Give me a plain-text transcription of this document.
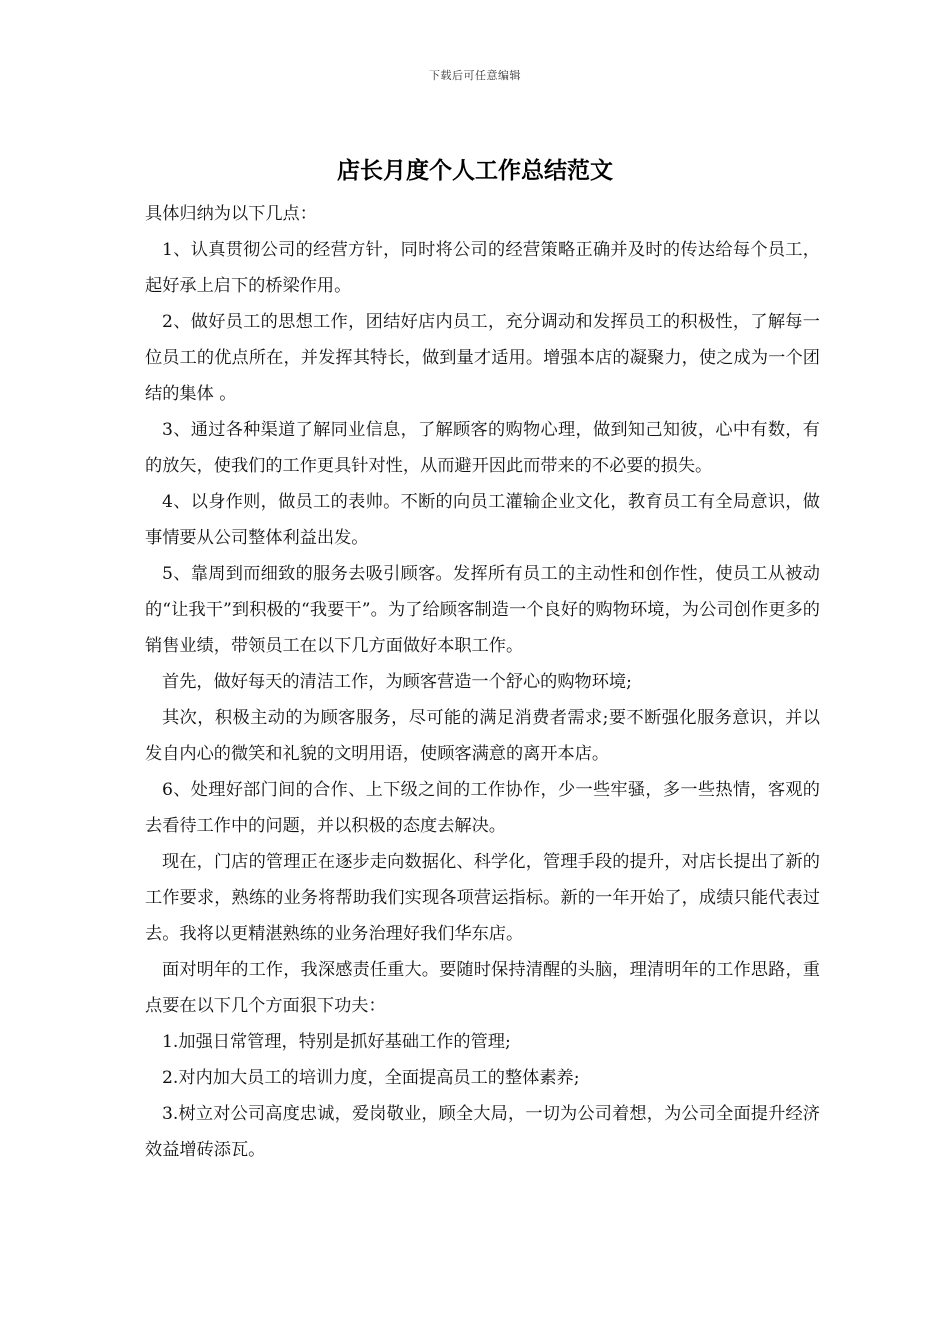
下载后可任意编辑
店长月度个人工作总结范文

具体归纳为以下几点：

1、认真贯彻公司的经营方针，同时将公司的经营策略正确并及时的传达给每个员工，起好承上启下的桥梁作用。

2、做好员工的思想工作，团结好店内员工，充分调动和发挥员工的积极性，了解每一位员工的优点所在，并发挥其特长，做到量才适用。增强本店的凝聚力，使之成为一个团结的集体 。

3、通过各种渠道了解同业信息，了解顾客的购物心理，做到知己知彼，心中有数，有的放矢，使我们的工作更具针对性，从而避开因此而带来的不必要的损失。

4、以身作则，做员工的表帅。不断的向员工灌输企业文化，教育员工有全局意识，做事情要从公司整体利益出发。

5、靠周到而细致的服务去吸引顾客。发挥所有员工的主动性和创作性，使员工从被动的“让我干”到积极的“我要干”。为了给顾客制造一个良好的购物环境，为公司创作更多的销售业绩，带领员工在以下几方面做好本职工作。

首先，做好每天的清洁工作，为顾客营造一个舒心的购物环境;

其次，积极主动的为顾客服务，尽可能的满足消费者需求;要不断强化服务意识，并以发自内心的微笑和礼貌的文明用语，使顾客满意的离开本店。

6、处理好部门间的合作、上下级之间的工作协作，少一些牢骚，多一些热情，客观的去看待工作中的问题，并以积极的态度去解决。

现在，门店的管理正在逐步走向数据化、科学化，管理手段的提升，对店长提出了新的工作要求，熟练的业务将帮助我们实现各项营运指标。新的一年开始了，成绩只能代表过去。我将以更精湛熟练的业务治理好我们华东店。

面对明年的工作，我深感责任重大。要随时保持清醒的头脑，理清明年的工作思路，重点要在以下几个方面狠下功夫：

1.加强日常管理，特别是抓好基础工作的管理;

2.对内加大员工的培训力度，全面提高员工的整体素养;

3.树立对公司高度忠诚，爱岗敬业，顾全大局，一切为公司着想，为公司全面提升经济效益增砖添瓦。
